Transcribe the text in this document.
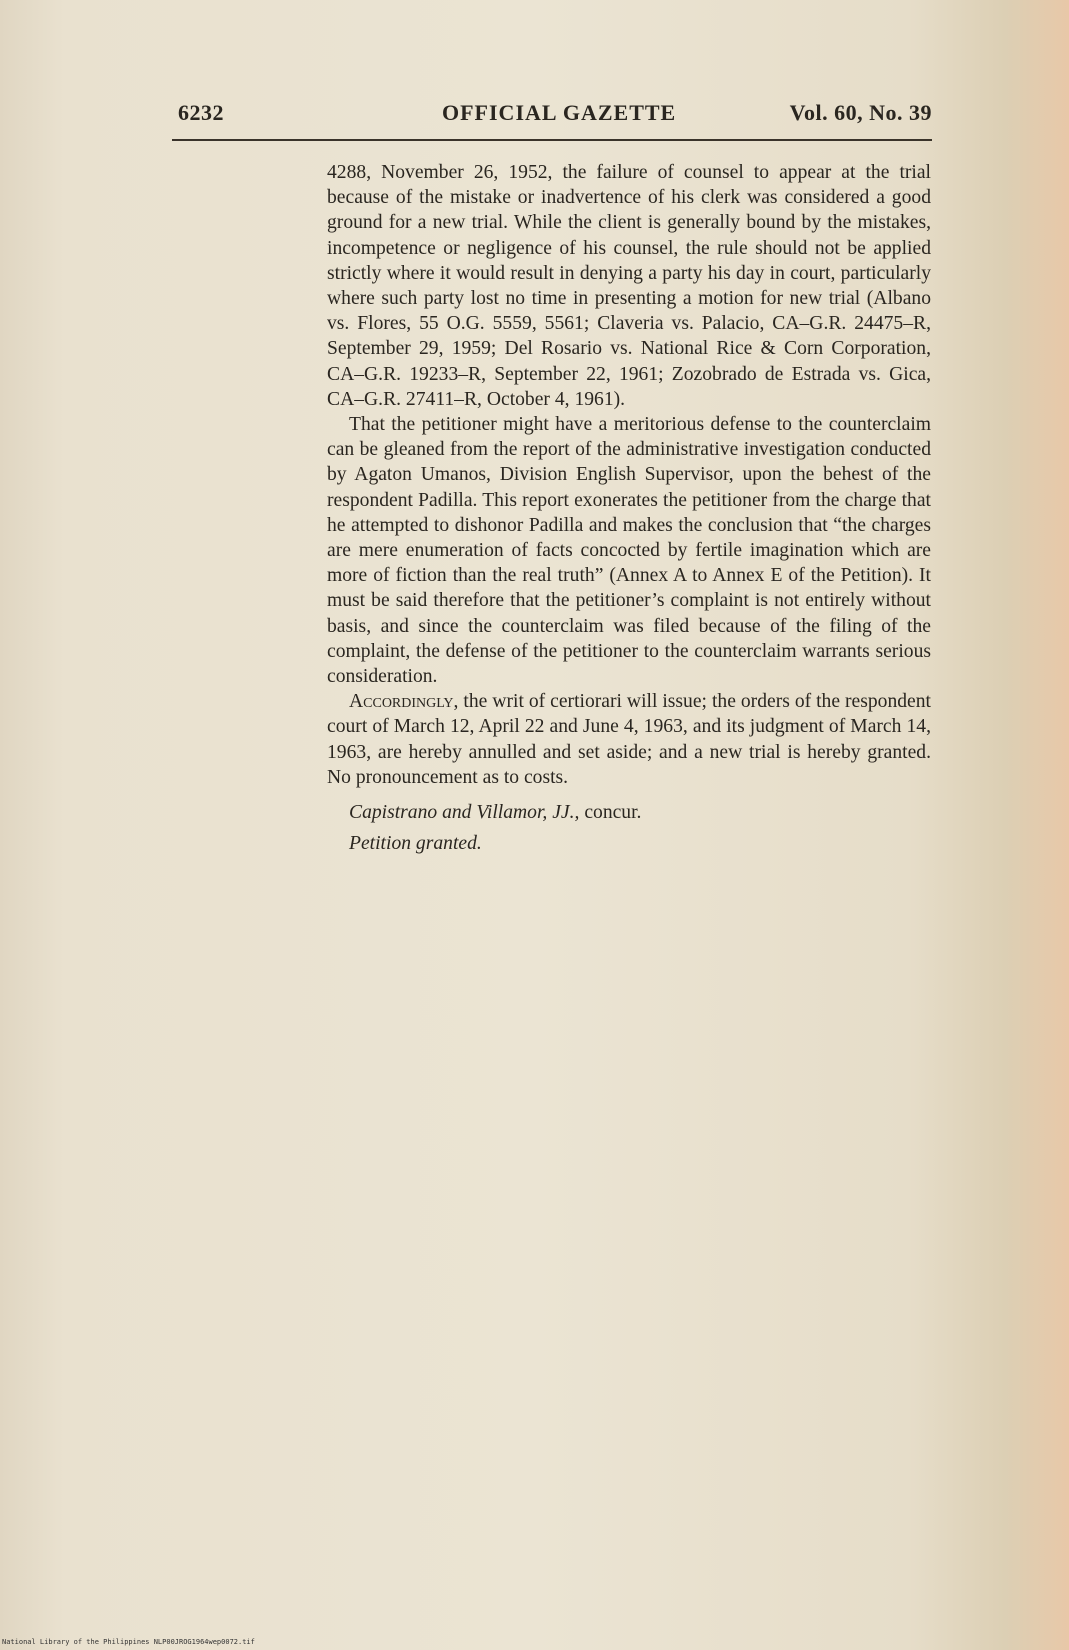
6232	OFFICIAL GAZETTE	Vol. 60, No. 39

4288, November 26, 1952, the failure of counsel to appear at the trial because of the mistake or inadvertence of his clerk was considered a good ground for a new trial. While the client is generally bound by the mistakes, incompetence or negligence of his counsel, the rule should not be applied strictly where it would result in denying a party his day in court, particularly where such party lost no time in presenting a motion for new trial (Albano vs. Flores, 55 O.G. 5559, 5561; Claveria vs. Palacio, CA–G.R. 24475–R, September 29, 1959; Del Rosario vs. National Rice & Corn Corporation, CA–G.R. 19233–R, September 22, 1961; Zozobrado de Estrada vs. Gica, CA–G.R. 27411–R, October 4, 1961).

That the petitioner might have a meritorious defense to the counterclaim can be gleaned from the report of the administrative investigation conducted by Agaton Umanos, Division English Supervisor, upon the behest of the respondent Padilla. This report exonerates the petitioner from the charge that he attempted to dishonor Padilla and makes the conclusion that “the charges are mere enumeration of facts concocted by fertile imagination which are more of fiction than the real truth” (Annex A to Annex E of the Petition). It must be said therefore that the petitioner’s complaint is not entirely without basis, and since the counterclaim was filed because of the filing of the complaint, the defense of the petitioner to the counterclaim warrants serious consideration.

Accordingly, the writ of certiorari will issue; the orders of the respondent court of March 12, April 22 and June 4, 1963, and its judgment of March 14, 1963, are hereby annulled and set aside; and a new trial is hereby granted. No pronouncement as to costs.

Capistrano and Villamor, JJ., concur.

Petition granted.

National Library of the Philippines NLP00JROG1964wep0072.tif
